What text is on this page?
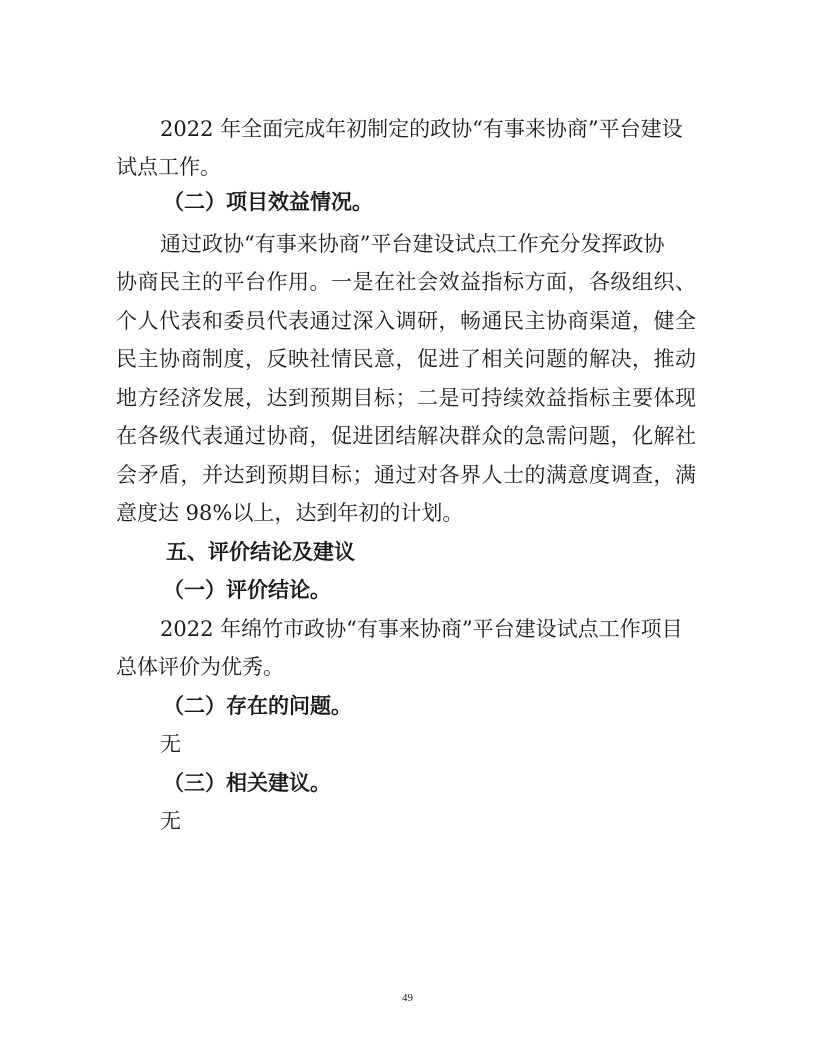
2022 年全面完成年初制定的政协“有事来协商”平台建设

试点工作。

（二）项目效益情况。

通过政协“有事来协商”平台建设试点工作充分发挥政协

协商民主的平台作用。一是在社会效益指标方面，各级组织、

个人代表和委员代表通过深入调研，畅通民主协商渠道，健全

民主协商制度，反映社情民意，促进了相关问题的解决，推动

地方经济发展，达到预期目标；二是可持续效益指标主要体现

在各级代表通过协商，促进团结解决群众的急需问题，化解社

会矛盾，并达到预期目标；通过对各界人士的满意度调查，满

意度达 98%以上，达到年初的计划。

五、评价结论及建议

（一）评价结论。

2022 年绵竹市政协“有事来协商”平台建设试点工作项目

总体评价为优秀。

（二）存在的问题。

无

（三）相关建议。

无

49
